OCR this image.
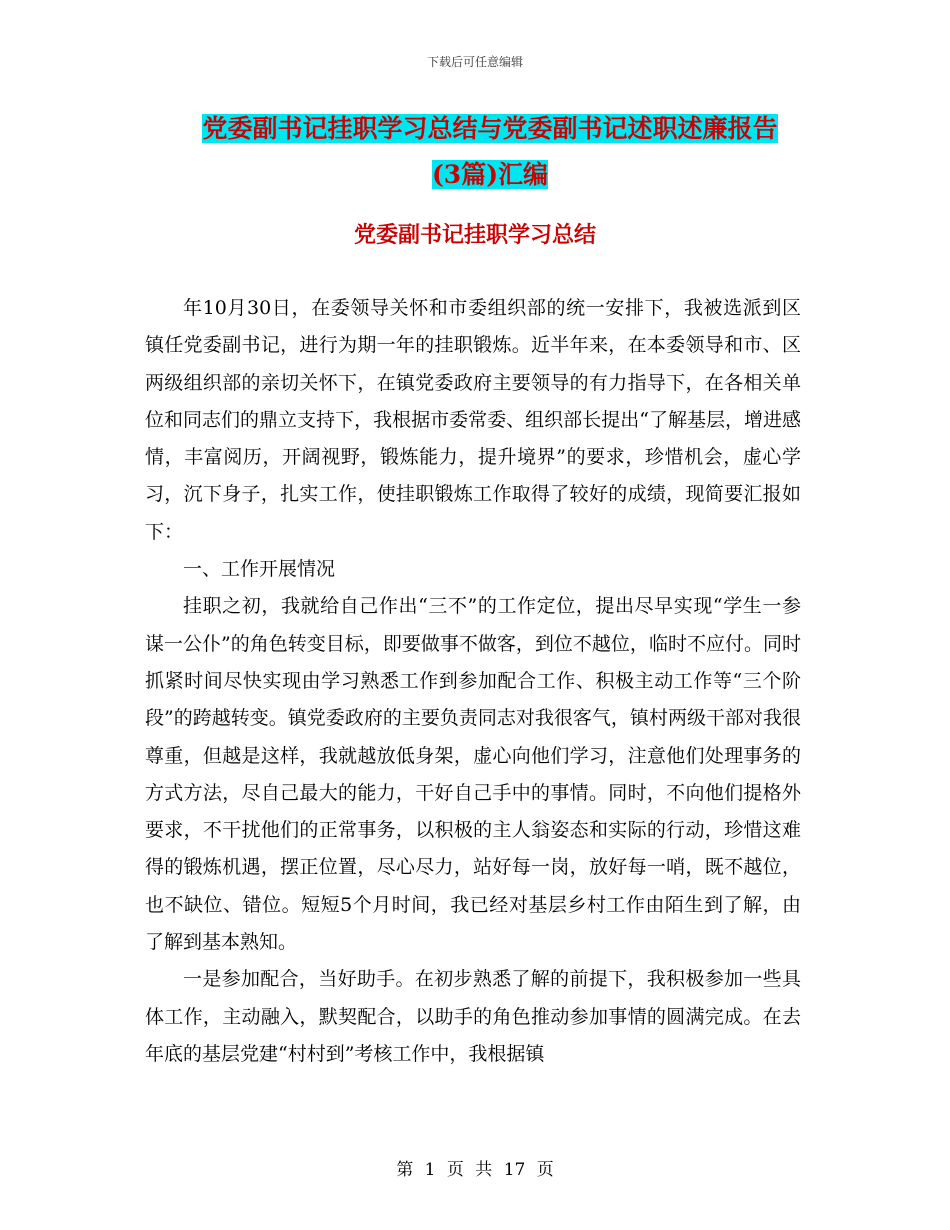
下载后可任意编辑
党委副书记挂职学习总结与党委副书记述职述廉报告
(3篇)汇编
党委副书记挂职学习总结

年10月30日，在委领导关怀和市委组织部的统一安排下，我被选派到区镇任党委副书记，进行为期一年的挂职锻炼。近半年来，在本委领导和市、区两级组织部的亲切关怀下，在镇党委政府主要领导的有力指导下，在各相关单位和同志们的鼎立支持下，我根据市委常委、组织部长提出“了解基层，增进感情，丰富阅历，开阔视野，锻炼能力，提升境界”的要求，珍惜机会，虚心学习，沉下身子，扎实工作，使挂职锻炼工作取得了较好的成绩，现简要汇报如下：

一、工作开展情况

挂职之初，我就给自己作出“三不”的工作定位，提出尽早实现“学生一参谋一公仆”的角色转变目标，即要做事不做客，到位不越位，临时不应付。同时抓紧时间尽快实现由学习熟悉工作到参加配合工作、积极主动工作等“三个阶段”的跨越转变。镇党委政府的主要负责同志对我很客气，镇村两级干部对我很尊重，但越是这样，我就越放低身架，虚心向他们学习，注意他们处理事务的方式方法，尽自己最大的能力，干好自己手中的事情。同时，不向他们提格外要求，不干扰他们的正常事务，以积极的主人翁姿态和实际的行动，珍惜这难得的锻炼机遇，摆正位置，尽心尽力，站好每一岗，放好每一哨，既不越位，也不缺位、错位。短短5个月时间，我已经对基层乡村工作由陌生到了解，由了解到基本熟知。

一是参加配合，当好助手。在初步熟悉了解的前提下，我积极参加一些具体工作，主动融入，默契配合，以助手的角色推动参加事情的圆满完成。在去年底的基层党建“村村到”考核工作中，我根据镇

第 1 页 共 17 页
